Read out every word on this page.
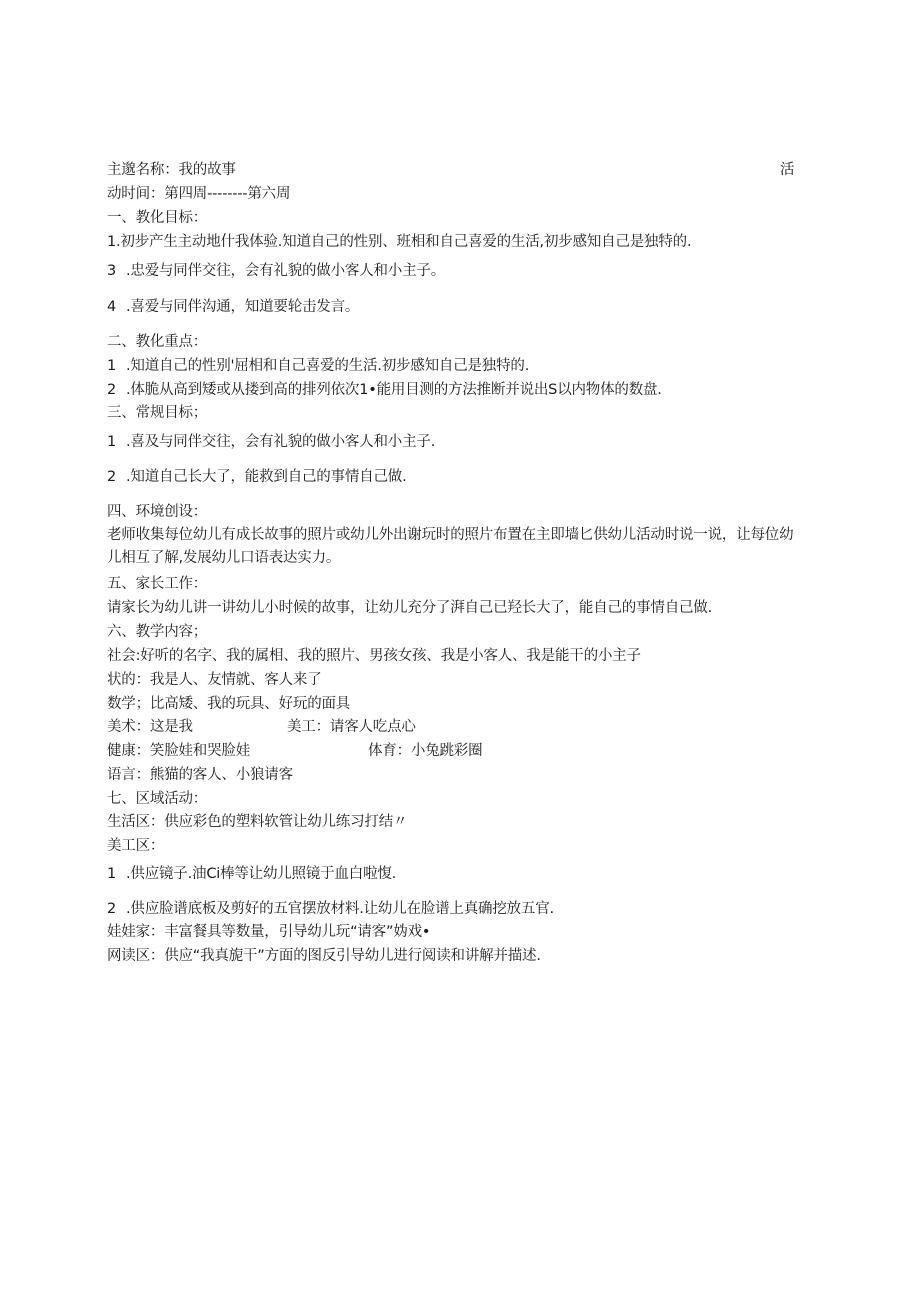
主邈名称：我的故事	活
动时间：第四周--------第六周
一、教化目标：
1.初步产生主动地什我体验.知道自己的性别、班相和自己喜爱的生活,初步感知自己是独特的.
3 .忠爱与同伴交往，会有礼貌的做小客人和小主子。
4 .喜爱与同伴沟通，知道要轮击发言。
二、教化重点：
1 .知道自己的性别'屈相和自己喜爱的生活.初步感知自己是独特的.
2 .体脆从高到矮或从搂到高的排列依次1•能用目测的方法推断并说出S以内物体的数盘.
三、常规目标；
1 .喜及与同伴交往，会有礼貌的做小客人和小主子.
2 .知道自己长大了，能救到自己的事情自己做.
四、环境创设：
老师收集每位幼儿有成长故事的照片或幼儿外出谢玩时的照片布置在主即墙匕供幼儿活动时说一说，让每位幼儿相互了解,发展幼儿口语表达实力。
五、家长工作：
请家长为幼儿讲一讲幼儿小时候的故事，让幼儿充分了湃自己已羟长大了，能自己的事情自己做.
六、教学内容；
社会:好听的名字、我的属相、我的照片、男孩女孩、我是小客人、我是能干的小主子
状的：我是人、友情就、客人来了
数学；比高矮、我的玩具、好玩的面具
美术：这是我	美工：请客人吃点心
健康：笑脸娃和哭脸娃	体育：小兔跳彩圈
语言：熊猫的客人、小狼请客
七、区域活动：
生活区：供应彩色的塑料软管让幼儿练习打结〃
美工区：
1 .供应镜子.油Ci棒等让幼儿照镜于血白啦愎.
2 .供应脸谱底板及剪好的五官摆放材料.让幼儿在脸谱上真确挖放五官.
娃娃家：丰富餐具等数量，引导幼儿玩“请客”妫戏•
网读区：供应“我真旎干”方面的图反引导幼儿进行阅读和讲解并描述.
